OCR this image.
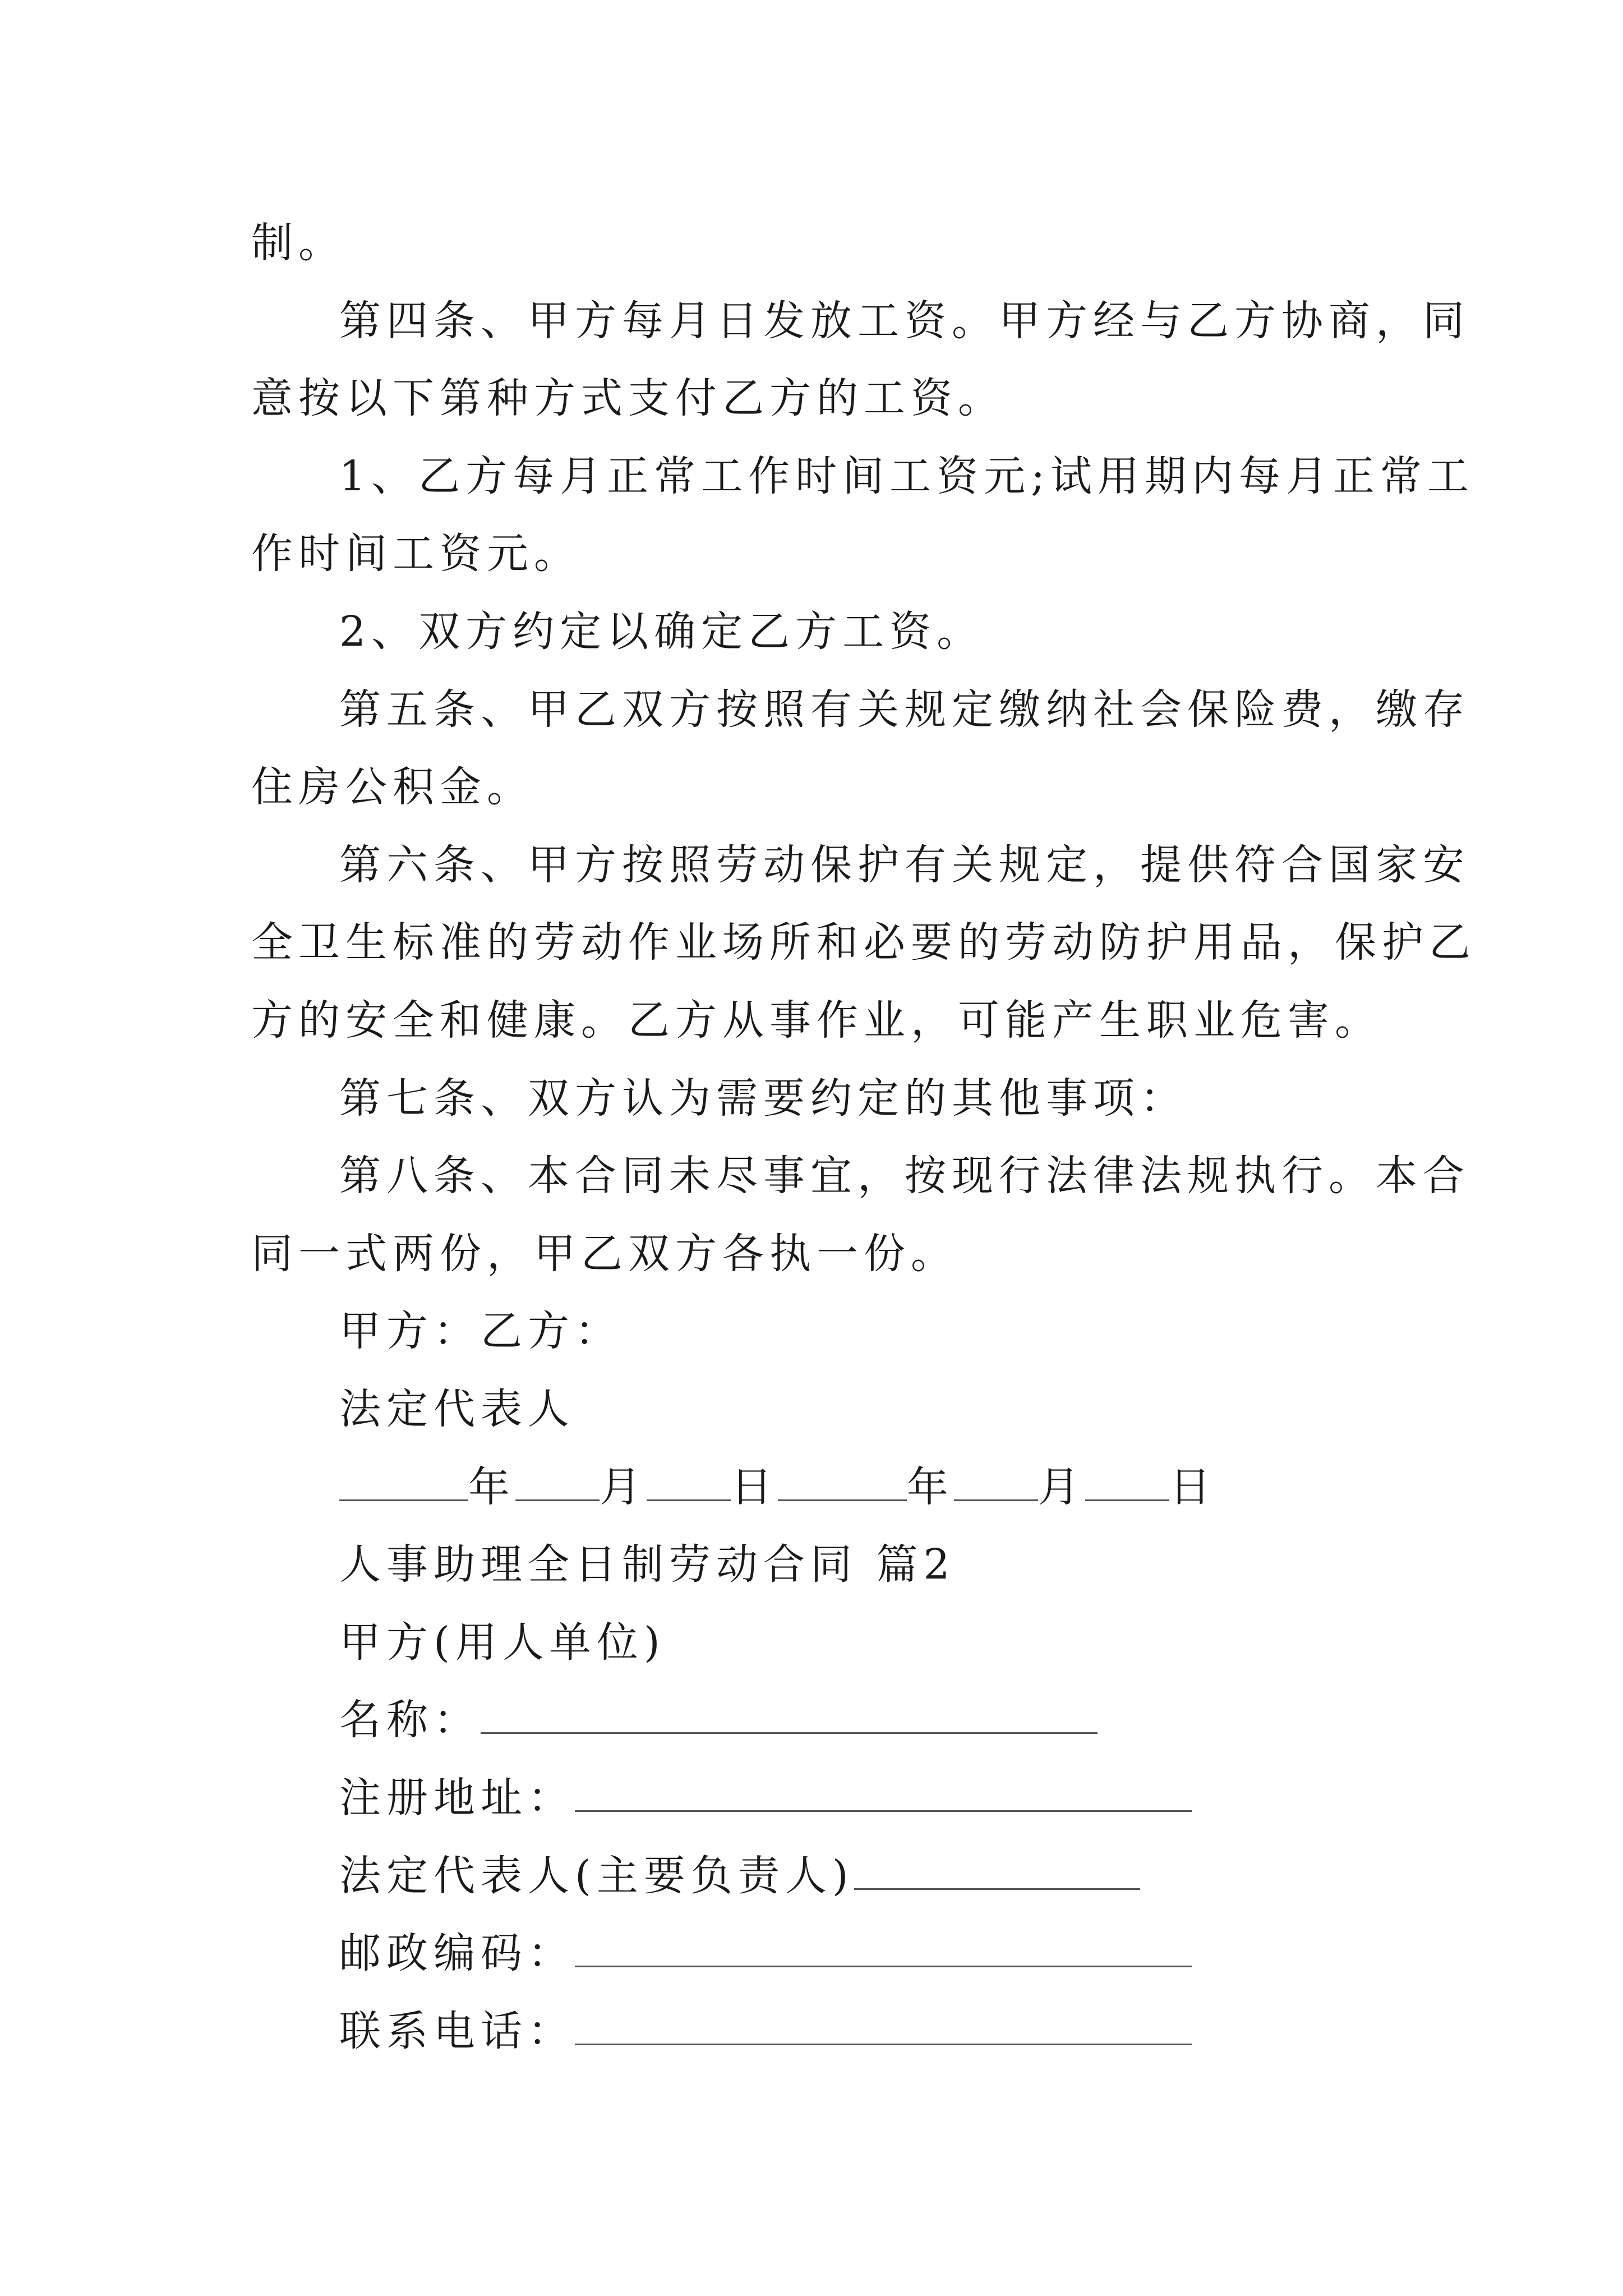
制。
第四条、甲方每月日发放工资。甲方经与乙方协商，同
意按以下第种方式支付乙方的工资。
1、乙方每月正常工作时间工资元;试用期内每月正常工
作时间工资元。
2、双方约定以确定乙方工资。
第五条、甲乙双方按照有关规定缴纳社会保险费，缴存
住房公积金。
第六条、甲方按照劳动保护有关规定，提供符合国家安
全卫生标准的劳动作业场所和必要的劳动防护用品，保护乙
方的安全和健康。乙方从事作业，可能产生职业危害。
第七条、双方认为需要约定的其他事项：
第八条、本合同未尽事宜，按现行法律法规执行。本合
同一式两份，甲乙双方各执一份。
甲方：乙方：
法定代表人
年 月 日	年 月 日
人事助理全日制劳动合同 篇2
甲方(用人单位)
名称：
注册地址：
法定代表人(主要负责人)
邮政编码：
联系电话：
